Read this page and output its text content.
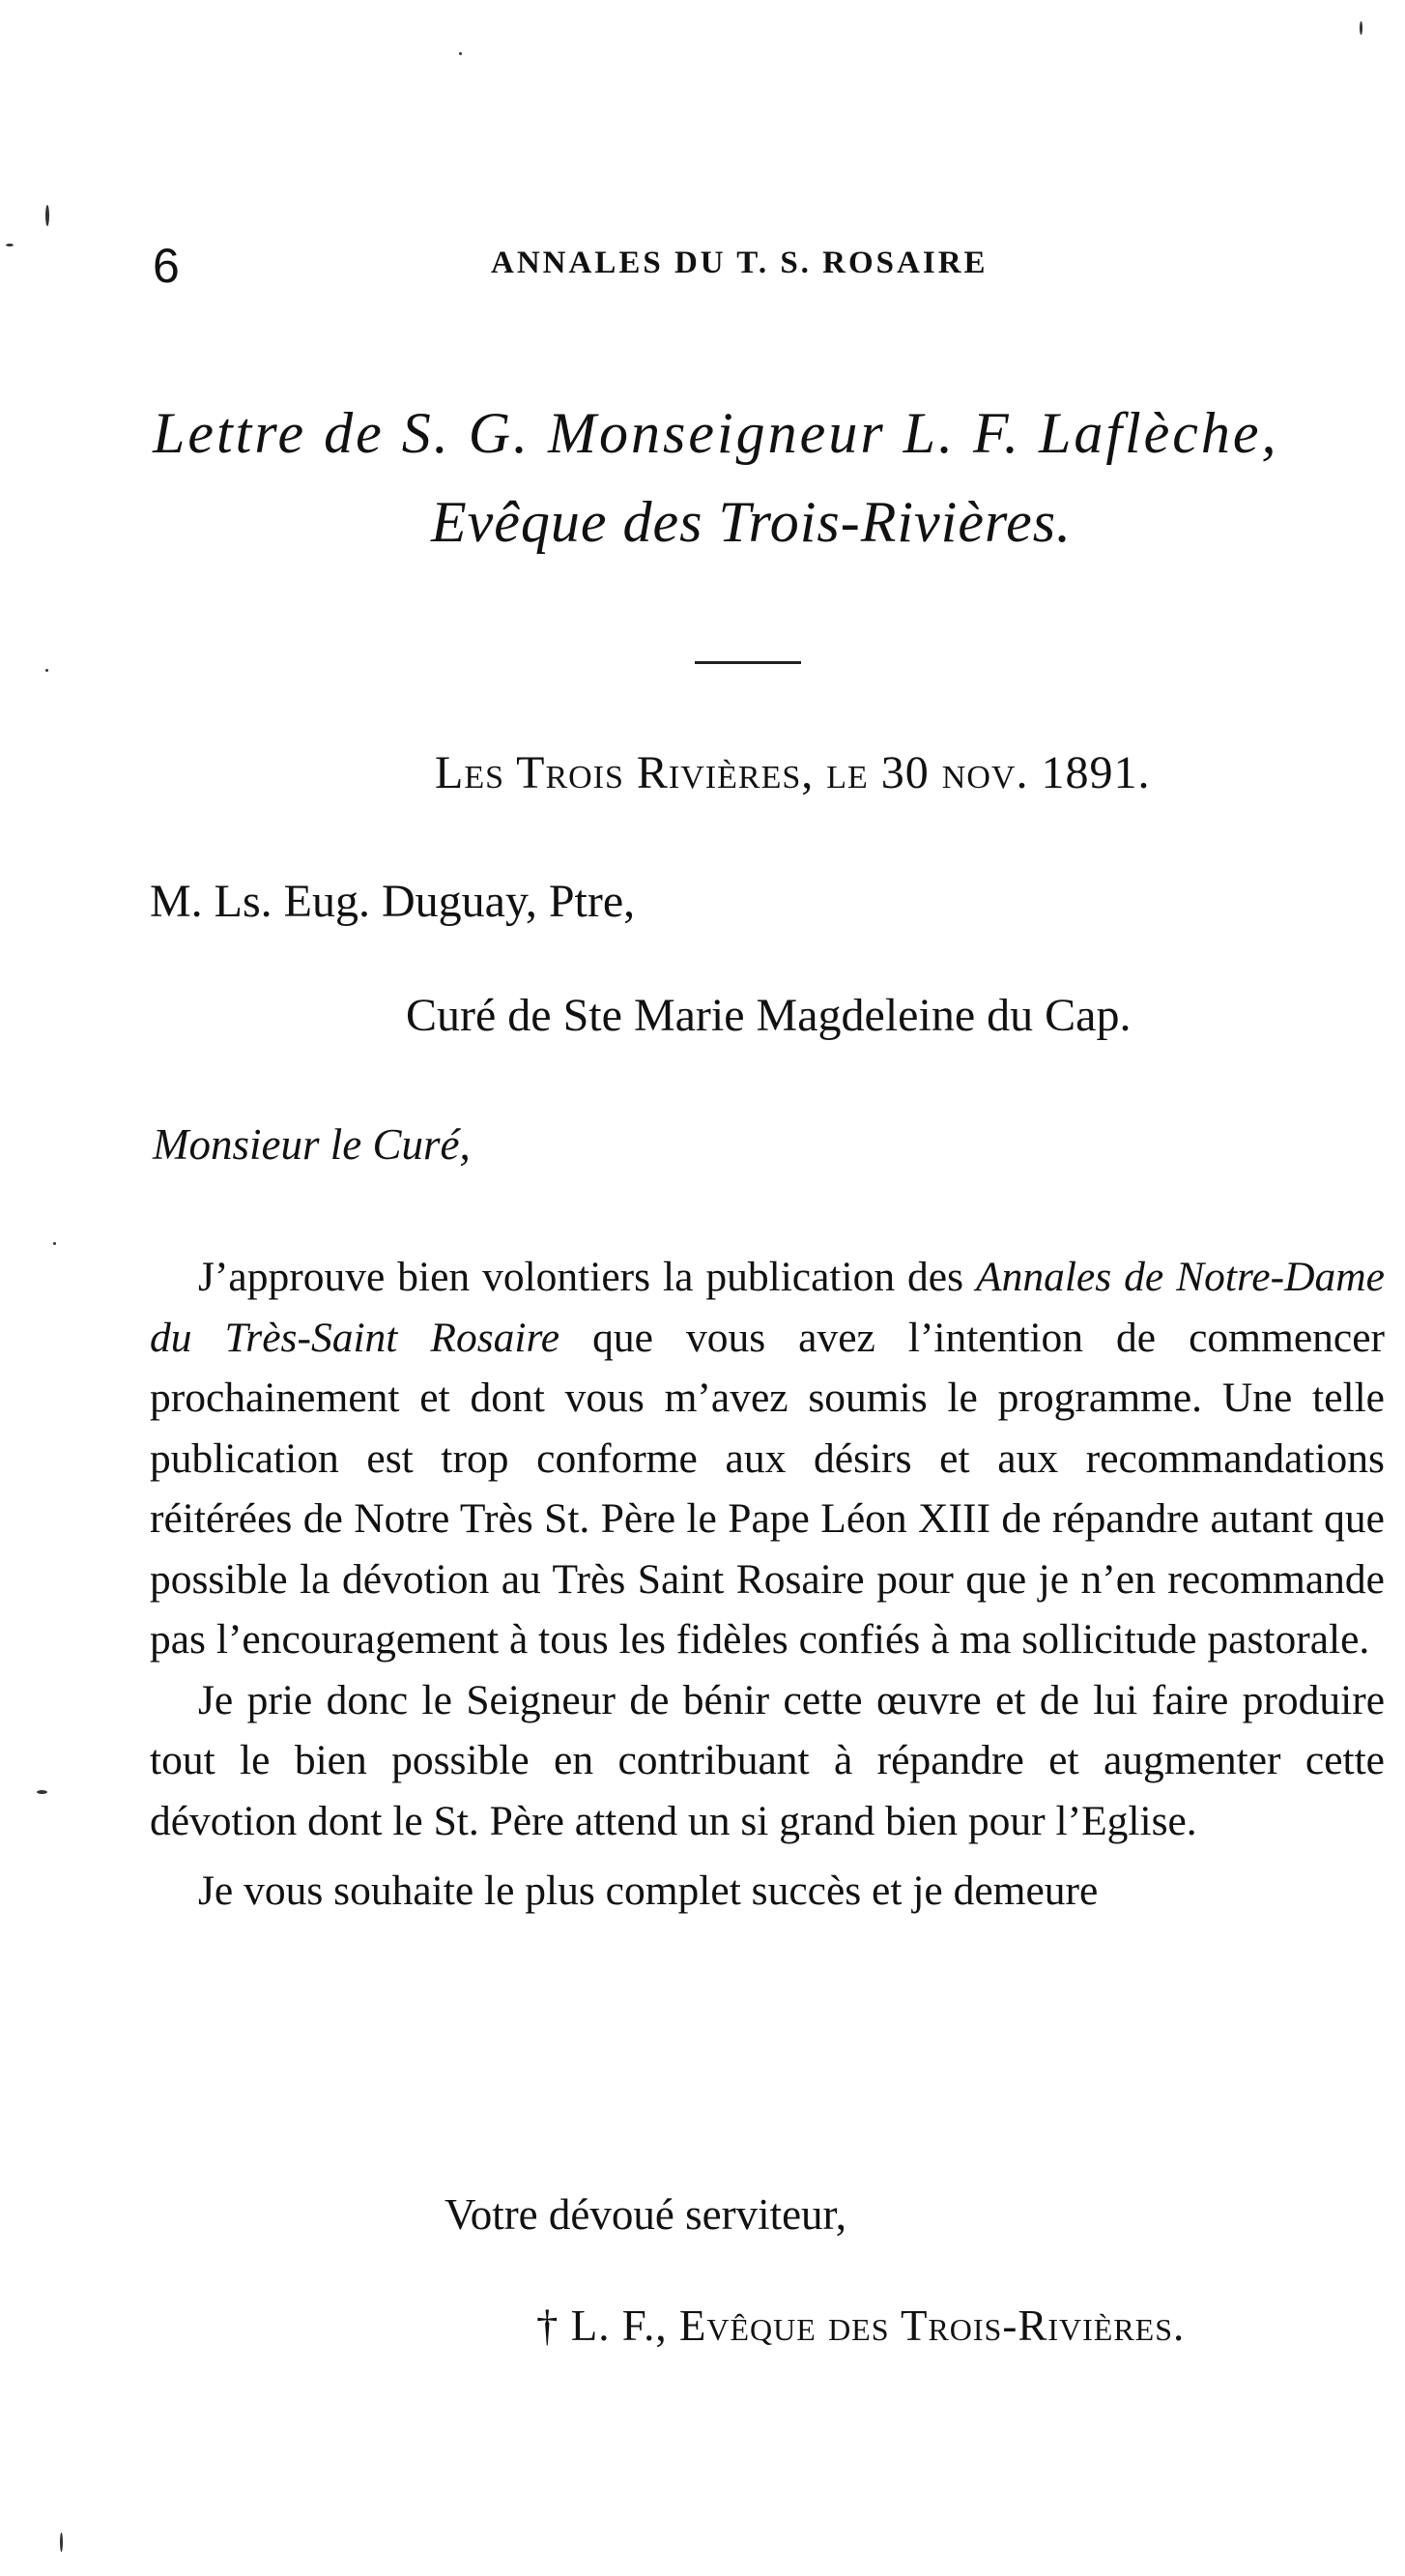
6	ANNALES DU T. S. ROSAIRE
Lettre de S. G. Monseigneur L. F. Laflèche,
Evêque des Trois-Rivières.
Les Trois Rivières, le 30 nov. 1891.
M. Ls. Eug. Duguay, Ptre,
Curé de Ste Marie Magdeleine du Cap.
Monsieur le Curé,

J’approuve bien volontiers la publication des Annales de Notre-Dame du Très-Saint Rosaire que vous avez l’intention de commencer prochainement et dont vous m’avez soumis le programme. Une telle publication est trop conforme aux désirs et aux recommandations réitérées de Notre Très St. Père le Pape Léon XIII de répandre autant que possible la dévotion au Très Saint Rosaire pour que je n’en recommande pas l’encouragement à tous les fidèles confiés à ma sollicitude pastorale.

Je prie donc le Seigneur de bénir cette œuvre et de lui faire produire tout le bien possible en contribuant à répandre et augmenter cette dévotion dont le St. Père attend un si grand bien pour l’Eglise.

Je vous souhaite le plus complet succès et je demeure

Votre dévoué serviteur,
† L. F., Evêque des Trois-Rivières.
